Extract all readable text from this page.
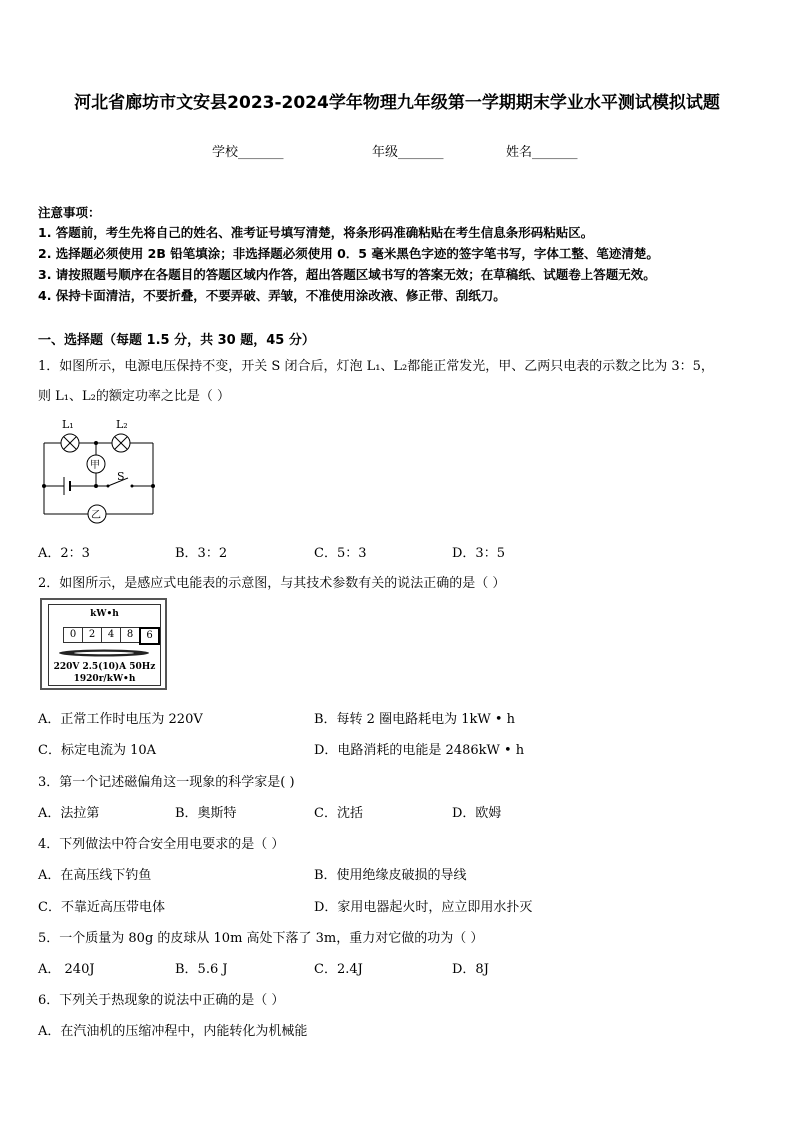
河北省廊坊市文安县2023-2024学年物理九年级第一学期期末学业水平测试模拟试题
学校_______	年级_______	姓名_______
注意事项：
1. 答题前，考生先将自己的姓名、准考证号填写清楚，将条形码准确粘贴在考生信息条形码粘贴区。
2. 选择题必须使用 2B 铅笔填涂；非选择题必须使用 0．5 毫米黑色字迹的签字笔书写，字体工整、笔迹清楚。
3. 请按照题号顺序在各题目的答题区域内作答，超出答题区域书写的答案无效；在草稿纸、试题卷上答题无效。
4. 保持卡面清洁，不要折叠，不要弄破、弄皱，不准使用涂改液、修正带、刮纸刀。
一、选择题（每题 1.5 分，共 30 题，45 分）
1．如图所示，电源电压保持不变，开关 S 闭合后，灯泡 L₁、L₂都能正常发光，甲、乙两只电表的示数之比为 3：5，
则 L₁、L₂的额定功率之比是（ ）
L₁	L₂
甲
乙
S
A．2：3	B．3：2	C．5：3	D．3：5
2．如图所示，是感应式电能表的示意图，与其技术参数有关的说法正确的是（ ）
kW•h
0	2	4	8	6
220V 2.5(10)A 50Hz
1920r/kW•h
A．正常工作时电压为 220V	B．每转 2 圈电路耗电为 1kW • h
C．标定电流为 10A	D．电路消耗的电能是 2486kW • h
3．第一个记述磁偏角这一现象的科学家是( )
A．法拉第	B．奥斯特	C．沈括	D．欧姆
4．下列做法中符合安全用电要求的是（ ）
A．在高压线下钓鱼	B．使用绝缘皮破损的导线
C．不靠近高压带电体	D．家用电器起火时，应立即用水扑灭
5．一个质量为 80g 的皮球从 10m 高处下落了 3m，重力对它做的功为（ ）
A． 240J	B．5.6 J	C．2.4J	D．8J
6．下列关于热现象的说法中正确的是（ ）
A．在汽油机的压缩冲程中，内能转化为机械能
